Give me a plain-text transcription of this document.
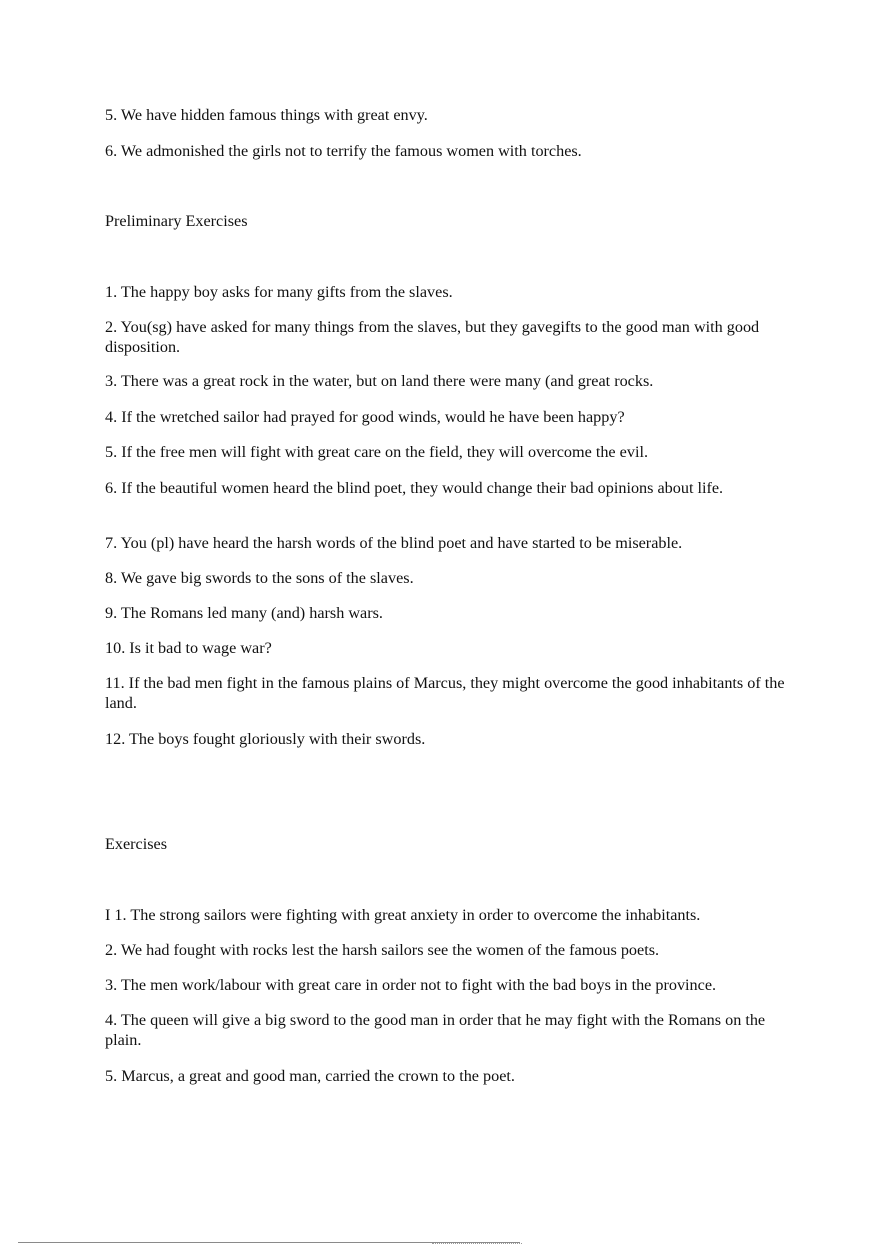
5. We have hidden famous things with great envy.
6. We admonished the girls not to terrify the famous women with torches.
Preliminary Exercises
1. The happy boy asks for many gifts from the slaves.
2. You(sg) have asked for many things from the slaves, but they gavegifts to the good man with good disposition.
3. There was a great rock in the water, but on land there were many (and great rocks.
4. If the wretched sailor had prayed for good winds, would he have been happy?
5. If the free men will fight with great care on the field, they will overcome the evil.
6. If the beautiful women heard the blind poet, they would change their bad opinions about life.
7. You (pl) have heard the harsh words of the blind poet and have started to be miserable.
8. We gave big swords to the sons of the slaves.
9. The Romans led many (and) harsh wars.
10. Is it bad to wage war?
11. If the bad men fight in the famous plains of Marcus, they might overcome the good inhabitants of the land.
12. The boys fought gloriously with their swords.
Exercises
I 1. The strong sailors were fighting with great anxiety in order to overcome the inhabitants.
2. We had fought with rocks lest the harsh sailors see the women of the famous poets.
3. The men work/labour with great care in order not to fight with the bad boys in the province.
4. The queen will give a big sword to the good man in order that he may fight with the Romans on the plain.
5. Marcus, a great and good man, carried the crown to the poet.
